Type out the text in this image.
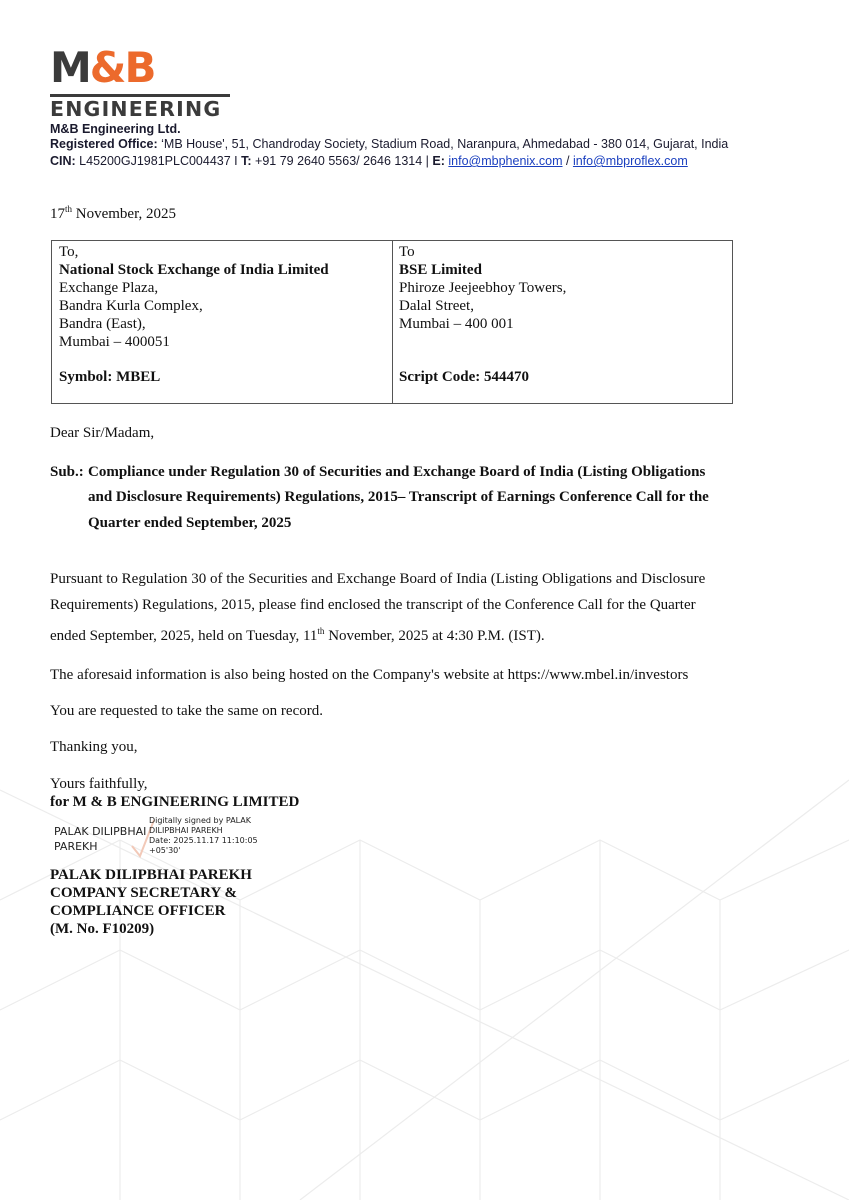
M&B
ENGINEERING
M&B Engineering Ltd.
Registered Office: ‘MB House', 51, Chandroday Society, Stadium Road, Naranpura, Ahmedabad - 380 014, Gujarat, India
CIN: L45200GJ1981PLC004437 I T: +91 79 2640 5563/ 2646 1314 | E: info@mbphenix.com / info@mbproflex.com
17th November, 2025
To,
National Stock Exchange of India Limited
Exchange Plaza,
Bandra Kurla Complex,
Bandra (East),
Mumbai – 400051
Symbol: MBEL
To
BSE Limited
Phiroze Jeejeebhoy Towers,
Dalal Street,
Mumbai – 400 001
Script Code: 544470
Dear Sir/Madam,
Sub.: Compliance under Regulation 30 of Securities and Exchange Board of India (Listing Obligations
and Disclosure Requirements) Regulations, 2015– Transcript of Earnings Conference Call for the
Quarter ended September, 2025
Pursuant to Regulation 30 of the Securities and Exchange Board of India (Listing Obligations and Disclosure
Requirements) Regulations, 2015, please find enclosed the transcript of the Conference Call for the Quarter
ended September, 2025, held on Tuesday, 11th November, 2025 at 4:30 P.M. (IST).
The aforesaid information is also being hosted on the Company's website at https://www.mbel.in/investors
You are requested to take the same on record.
Thanking you,
Yours faithfully,
for M & B ENGINEERING LIMITED
PALAK DILIPBHAI
PAREKH
Digitally signed by PALAK
DILIPBHAI PAREKH
Date: 2025.11.17 11:10:05
+05'30'
PALAK DILIPBHAI PAREKH
COMPANY SECRETARY &
COMPLIANCE OFFICER
(M. No. F10209)
